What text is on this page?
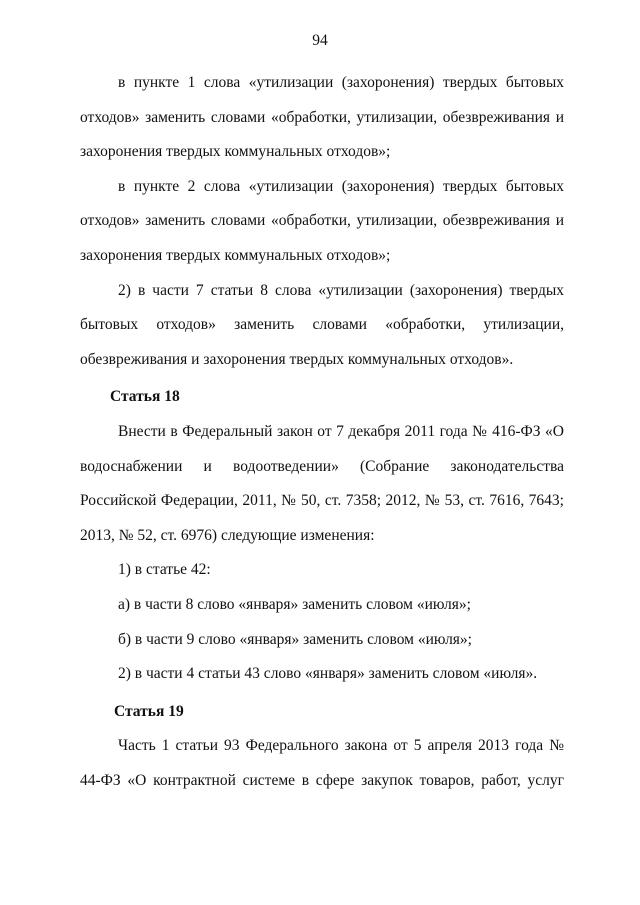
94

в пункте 1 слова «утилизации (захоронения) твердых бытовых отходов» заменить словами «обработки, утилизации, обезвреживания и захоронения твердых коммунальных отходов»;

в пункте 2 слова «утилизации (захоронения) твердых бытовых отходов» заменить словами «обработки, утилизации, обезвреживания и захоронения твердых коммунальных отходов»;

2) в части 7 статьи 8 слова «утилизации (захоронения) твердых бытовых отходов» заменить словами «обработки, утилизации, обезвреживания и захоронения твердых коммунальных отходов».

Статья 18

Внести в Федеральный закон от 7 декабря 2011 года № 416-ФЗ «О водоснабжении и водоотведении» (Собрание законодательства Российской Федерации, 2011, № 50, ст. 7358; 2012, № 53, ст. 7616, 7643; 2013, № 52, ст. 6976) следующие изменения:

1) в статье 42:

а) в части 8 слово «января» заменить словом «июля»;

б) в части 9 слово «января» заменить словом «июля»;

2) в части 4 статьи 43 слово «января» заменить словом «июля».

Статья 19

Часть 1 статьи 93 Федерального закона от 5 апреля 2013 года № 44-ФЗ «О контрактной системе в сфере закупок товаров, работ, услуг
